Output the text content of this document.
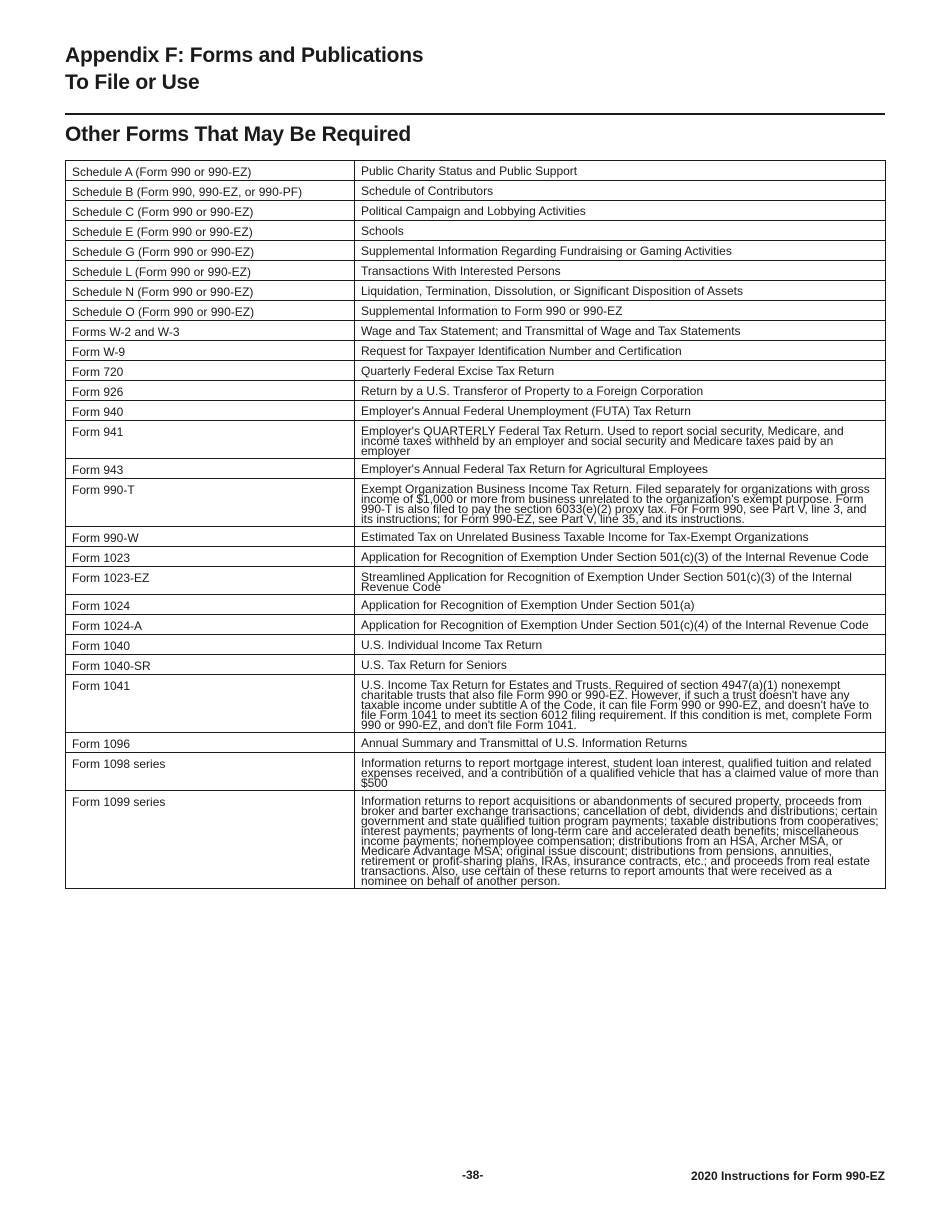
Appendix F: Forms and Publications
To File or Use
Other Forms That May Be Required
Schedule A (Form 990 or 990-EZ)	Public Charity Status and Public Support
Schedule B (Form 990, 990-EZ, or 990-PF)	Schedule of Contributors
Schedule C (Form 990 or 990-EZ)	Political Campaign and Lobbying Activities
Schedule E (Form 990 or 990-EZ)	Schools
Schedule G (Form 990 or 990-EZ)	Supplemental Information Regarding Fundraising or Gaming Activities
Schedule L (Form 990 or 990-EZ)	Transactions With Interested Persons
Schedule N (Form 990 or 990-EZ)	Liquidation, Termination, Dissolution, or Significant Disposition of Assets
Schedule O (Form 990 or 990-EZ)	Supplemental Information to Form 990 or 990-EZ
Forms W-2 and W-3	Wage and Tax Statement; and Transmittal of Wage and Tax Statements
Form W-9	Request for Taxpayer Identification Number and Certification
Form 720	Quarterly Federal Excise Tax Return
Form 926	Return by a U.S. Transferor of Property to a Foreign Corporation
Form 940	Employer's Annual Federal Unemployment (FUTA) Tax Return
Form 941	Employer's QUARTERLY Federal Tax Return. Used to report social security, Medicare, and income taxes withheld by an employer and social security and Medicare taxes paid by an employer
Form 943	Employer's Annual Federal Tax Return for Agricultural Employees
Form 990-T	Exempt Organization Business Income Tax Return. Filed separately for organizations with gross income of $1,000 or more from business unrelated to the organization's exempt purpose. Form 990-T is also filed to pay the section 6033(e)(2) proxy tax. For Form 990, see Part V, line 3, and its instructions; for Form 990-EZ, see Part V, line 35, and its instructions.
Form 990-W	Estimated Tax on Unrelated Business Taxable Income for Tax-Exempt Organizations
Form 1023	Application for Recognition of Exemption Under Section 501(c)(3) of the Internal Revenue Code
Form 1023-EZ	Streamlined Application for Recognition of Exemption Under Section 501(c)(3) of the Internal Revenue Code
Form 1024	Application for Recognition of Exemption Under Section 501(a)
Form 1024-A	Application for Recognition of Exemption Under Section 501(c)(4) of the Internal Revenue Code
Form 1040	U.S. Individual Income Tax Return
Form 1040-SR	U.S. Tax Return for Seniors
Form 1041	U.S. Income Tax Return for Estates and Trusts. Required of section 4947(a)(1) nonexempt charitable trusts that also file Form 990 or 990-EZ. However, if such a trust doesn't have any taxable income under subtitle A of the Code, it can file Form 990 or 990-EZ, and doesn't have to file Form 1041 to meet its section 6012 filing requirement. If this condition is met, complete Form 990 or 990-EZ, and don't file Form 1041.
Form 1096	Annual Summary and Transmittal of U.S. Information Returns
Form 1098 series	Information returns to report mortgage interest, student loan interest, qualified tuition and related expenses received, and a contribution of a qualified vehicle that has a claimed value of more than $500
Form 1099 series	Information returns to report acquisitions or abandonments of secured property, proceeds from broker and barter exchange transactions; cancellation of debt, dividends and distributions; certain government and state qualified tuition program payments; taxable distributions from cooperatives; interest payments; payments of long-term care and accelerated death benefits; miscellaneous income payments; nonemployee compensation; distributions from an HSA, Archer MSA, or Medicare Advantage MSA; original issue discount; distributions from pensions, annuities, retirement or profit-sharing plans, IRAs, insurance contracts, etc.; and proceeds from real estate transactions. Also, use certain of these returns to report amounts that were received as a nominee on behalf of another person.
-38-	2020 Instructions for Form 990-EZ
